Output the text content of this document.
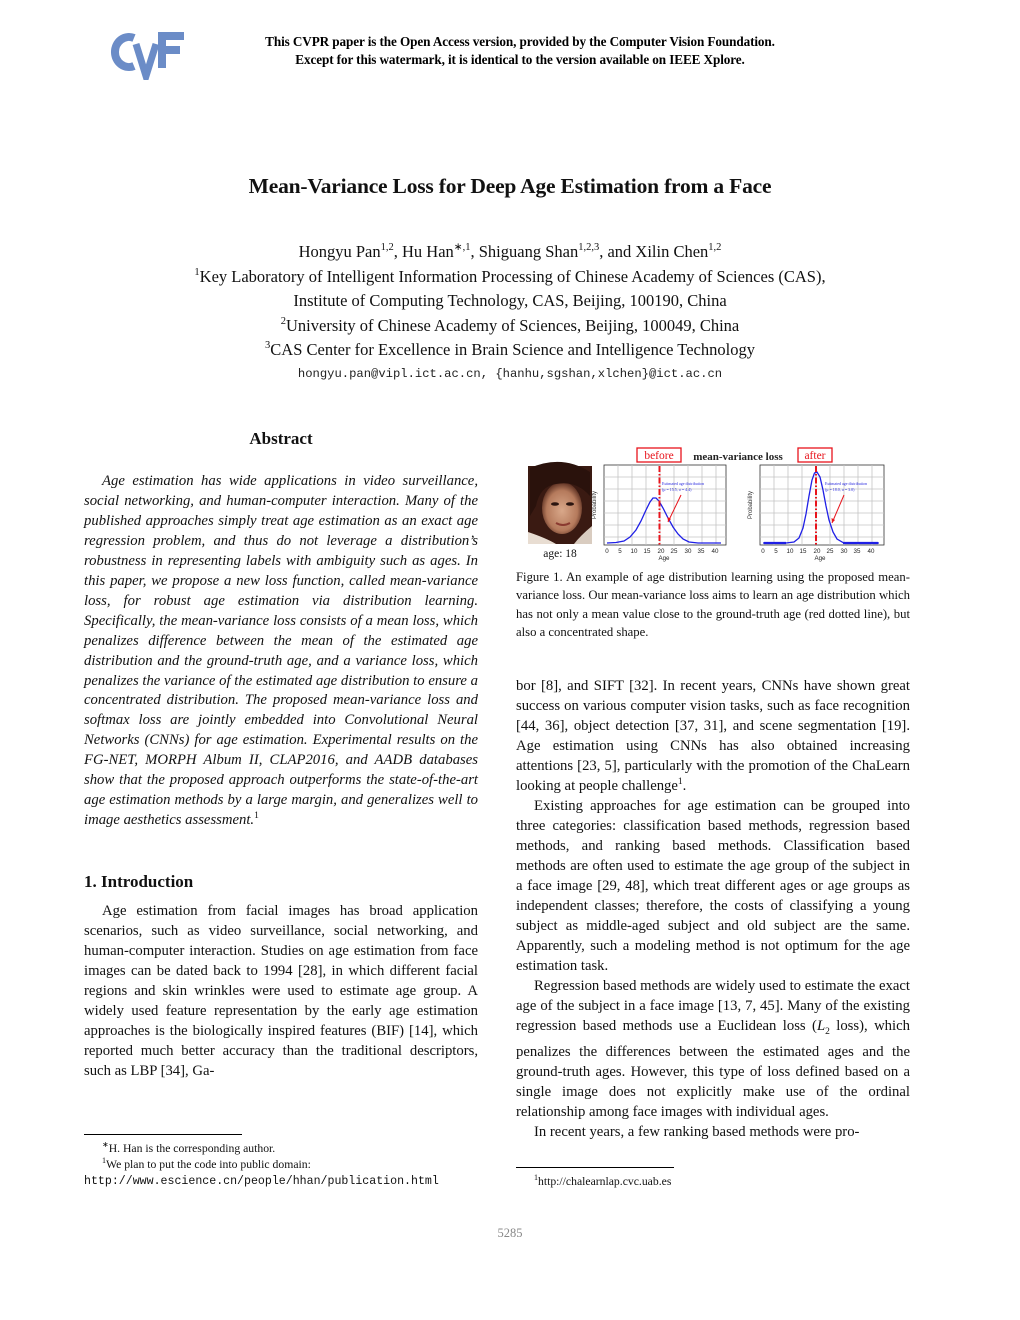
This CVPR paper is the Open Access version, provided by the Computer Vision Foundation.
Except for this watermark, it is identical to the version available on IEEE Xplore.
Mean-Variance Loss for Deep Age Estimation from a Face
Hongyu Pan$^{1,2}$, Hu Han$^{∗,1}$, Shiguang Shan$^{1,2,3}$, and Xilin Chen$^{1,2}$
$^1$Key Laboratory of Intelligent Information Processing of Chinese Academy of Sciences (CAS),
Institute of Computing Technology, CAS, Beijing, 100190, China
$^2$University of Chinese Academy of Sciences, Beijing, 100049, China
$^3$CAS Center for Excellence in Brain Science and Intelligence Technology
hongyu.pan@vipl.ict.ac.cn, {hanhu,sgshan,xlchen}@ict.ac.cn
Abstract
Age estimation has wide applications in video surveillance, social networking, and human-computer interaction. Many of the published approaches simply treat age estimation as an exact age regression problem, and thus do not leverage a distribution’s robustness in representing labels with ambiguity such as ages. In this paper, we propose a new loss function, called mean-variance loss, for robust age estimation via distribution learning. Specifically, the mean-variance loss consists of a mean loss, which penalizes difference between the mean of the estimated age distribution and the ground-truth age, and a variance loss, which penalizes the variance of the estimated age distribution to ensure a concentrated distribution. The proposed mean-variance loss and softmax loss are jointly embedded into Convolutional Neural Networks (CNNs) for age estimation. Experimental results on the FG-NET, MORPH Album II, CLAP2016, and AADB databases show that the proposed approach outperforms the state-of-the-art age estimation methods by a large margin, and generalizes well to image aesthetics assessment.$^1$
1. Introduction
Age estimation from facial images has broad application scenarios, such as video surveillance, social networking, and human-computer interaction. Studies on age estimation from face images can be dated back to 1994 [28], in which different facial regions and skin wrinkles were used to estimate age group. A widely used feature representation by the early age estimation approaches is the biologically inspired features (BIF) [14], which reported much better accuracy than the traditional descriptors, such as LBP [34], Ga-
∗H. Han is the corresponding author.
$^1$We plan to put the code into public domain: http://www.escience.cn/people/hhan/publication.html
before mean-variance loss after
age: 18
Estimated age distribution
(μ = 15.5, σ = 4.4)
Probability
0 5 10 15 20 25 30 35 40
Age
Estimated age distribution
(μ = 18.0, σ = 3.0)
Probability
0 5 10 15 20 25 30 35 40
Age
Figure 1. An example of age distribution learning using the proposed mean-variance loss. Our mean-variance loss aims to learn an age distribution which has not only a mean value close to the ground-truth age (red dotted line), but also a concentrated shape.
bor [8], and SIFT [32]. In recent years, CNNs have shown great success on various computer vision tasks, such as face recognition [44, 36], object detection [37, 31], and scene segmentation [19]. Age estimation using CNNs has also obtained increasing attentions [23, 5], particularly with the promotion of the ChaLearn looking at people challenge$^1$.
Existing approaches for age estimation can be grouped into three categories: classification based methods, regression based methods, and ranking based methods. Classification based methods are often used to estimate the age group of the subject in a face image [29, 48], which treat different ages or age groups as independent classes; therefore, the costs of classifying a young subject as middle-aged subject and old subject are the same. Apparently, such a modeling method is not optimum for the age estimation task.
Regression based methods are widely used to estimate the exact age of the subject in a face image [13, 7, 45]. Many of the existing regression based methods use a Euclidean loss ($L_2$ loss), which penalizes the differences between the estimated ages and the ground-truth ages. However, this type of loss defined based on a single image does not explicitly make use of the ordinal relationship among face images with individual ages.
In recent years, a few ranking based methods were pro-
$^1$http://chalearnlap.cvc.uab.es
5285
